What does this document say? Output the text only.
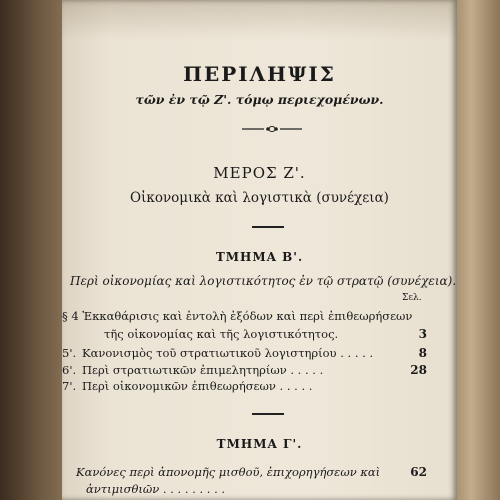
ΠΕΡΙΛΗΨΙΣ
τῶν ἐν τῷ Ζ'. τόμῳ περιεχομένων.
ΜΕΡΟΣ Ζ'.
Οἰκονομικὰ καὶ λογιστικὰ (συνέχεια)
ΤΜΗΜΑ Β'.
Περὶ οἰκονομίας καὶ λογιστικότητος ἐν τῷ στρατῷ (συνέχεια).
Σελ.
§ 4 Ἐκκαθάρισις καὶ ἐντολὴ ἐξόδων καὶ περὶ ἐπιθεωρήσεων
τῆς οἰκονομίας καὶ τῆς λογιστικότητος.	3
5'. Κανονισμὸς τοῦ στρατιωτικοῦ λογιστηρίου . . . . .	8
6'. Περὶ στρατιωτικῶν ἐπιμελητηρίων . . . . .	28
7'. Περὶ οἰκονομικῶν ἐπιθεωρήσεων . . . . .
ΤΜΗΜΑ Γ'.
Κανόνες περὶ ἀπονομῆς μισθοῦ, ἐπιχορηγήσεων καὶ	62
ἀντιμισθιῶν . . . . . . . . .
